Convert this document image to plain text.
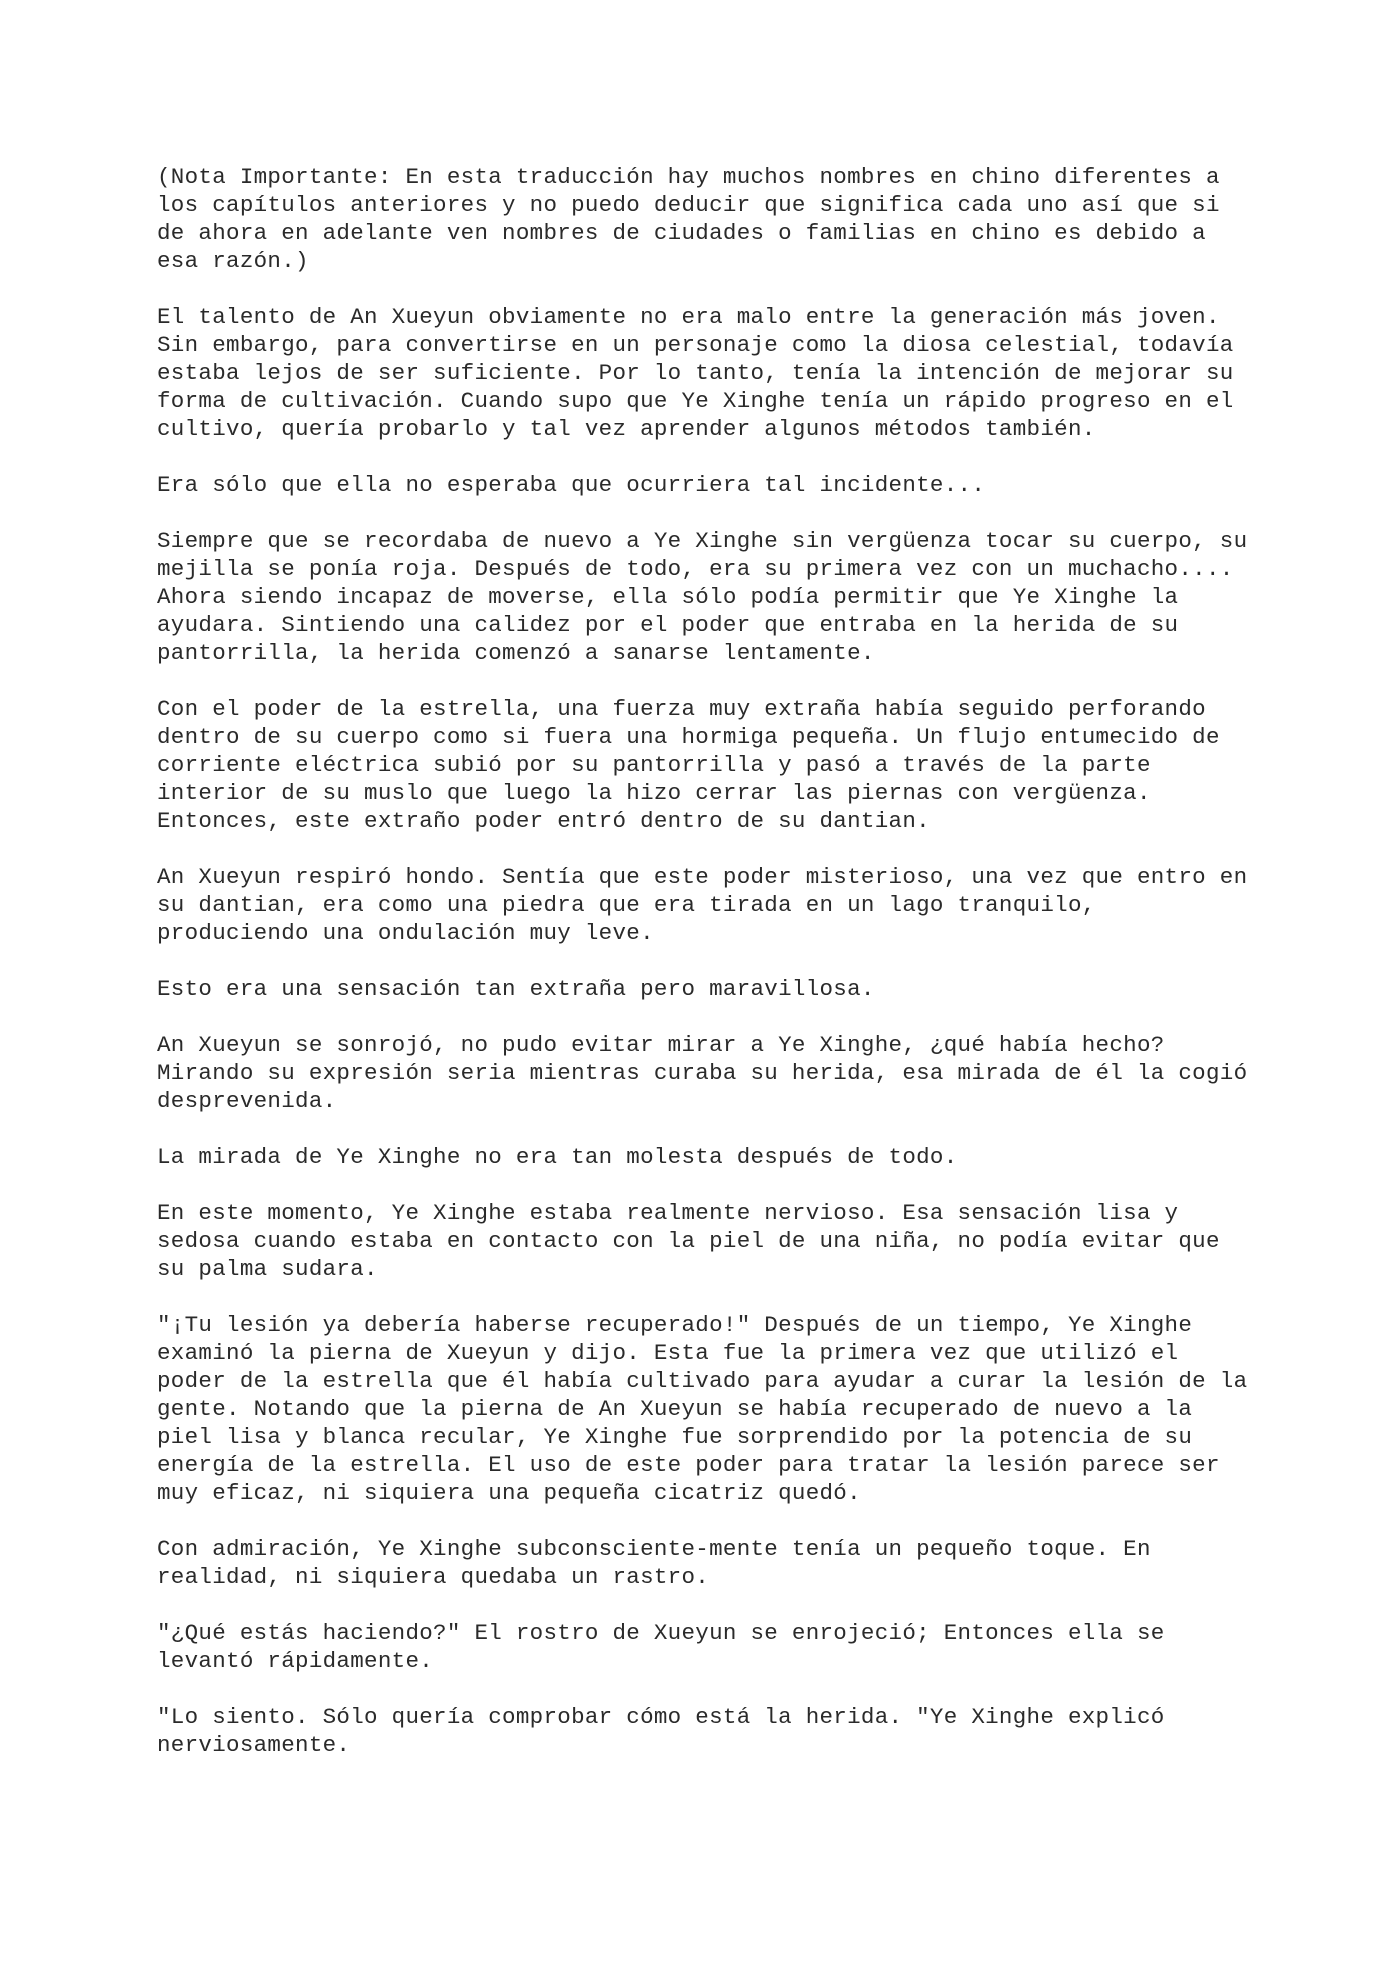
(Nota Importante: En esta traducción hay muchos nombres en chino diferentes a los capítulos anteriores y no puedo deducir que significa cada uno así que si de ahora en adelante ven nombres de ciudades o familias en chino es debido a esa razón.)

El talento de An Xueyun obviamente no era malo entre la generación más joven. Sin embargo, para convertirse en un personaje como la diosa celestial, todavía estaba lejos de ser suficiente. Por lo tanto, tenía la intención de mejorar su forma de cultivación. Cuando supo que Ye Xinghe tenía un rápido progreso en el cultivo, quería probarlo y tal vez aprender algunos métodos también.

Era sólo que ella no esperaba que ocurriera tal incidente...

Siempre que se recordaba de nuevo a Ye Xinghe sin vergüenza tocar su cuerpo, su mejilla se ponía roja. Después de todo, era su primera vez con un muchacho.... Ahora siendo incapaz de moverse, ella sólo podía permitir que Ye Xinghe la ayudara. Sintiendo una calidez por el poder que entraba en la herida de su pantorrilla, la herida comenzó a sanarse lentamente.

Con el poder de la estrella, una fuerza muy extraña había seguido perforando dentro de su cuerpo como si fuera una hormiga pequeña. Un flujo entumecido de corriente eléctrica subió por su pantorrilla y pasó a través de la parte interior de su muslo que luego la hizo cerrar las piernas con vergüenza. Entonces, este extraño poder entró dentro de su dantian.

An Xueyun respiró hondo. Sentía que este poder misterioso, una vez que entro en su dantian, era como una piedra que era tirada en un lago tranquilo, produciendo una ondulación muy leve.

Esto era una sensación tan extraña pero maravillosa.

An Xueyun se sonrojó, no pudo evitar mirar a Ye Xinghe, ¿qué había hecho? Mirando su expresión seria mientras curaba su herida, esa mirada de él la cogió desprevenida.

La mirada de Ye Xinghe no era tan molesta después de todo.

En este momento, Ye Xinghe estaba realmente nervioso. Esa sensación lisa y sedosa cuando estaba en contacto con la piel de una niña, no podía evitar que su palma sudara.

"¡Tu lesión ya debería haberse recuperado!" Después de un tiempo, Ye Xinghe examinó la pierna de Xueyun y dijo. Esta fue la primera vez que utilizó el poder de la estrella que él había cultivado para ayudar a curar la lesión de la gente. Notando que la pierna de An Xueyun se había recuperado de nuevo a la piel lisa y blanca recular, Ye Xinghe fue sorprendido por la potencia de su energía de la estrella. El uso de este poder para tratar la lesión parece ser muy eficaz, ni siquiera una pequeña cicatriz quedó.

Con admiración, Ye Xinghe subconsciente-mente tenía un pequeño toque. En realidad, ni siquiera quedaba un rastro.

"¿Qué estás haciendo?" El rostro de Xueyun se enrojeció; Entonces ella se levantó rápidamente.

"Lo siento. Sólo quería comprobar cómo está la herida. "Ye Xinghe explicó nerviosamente.
